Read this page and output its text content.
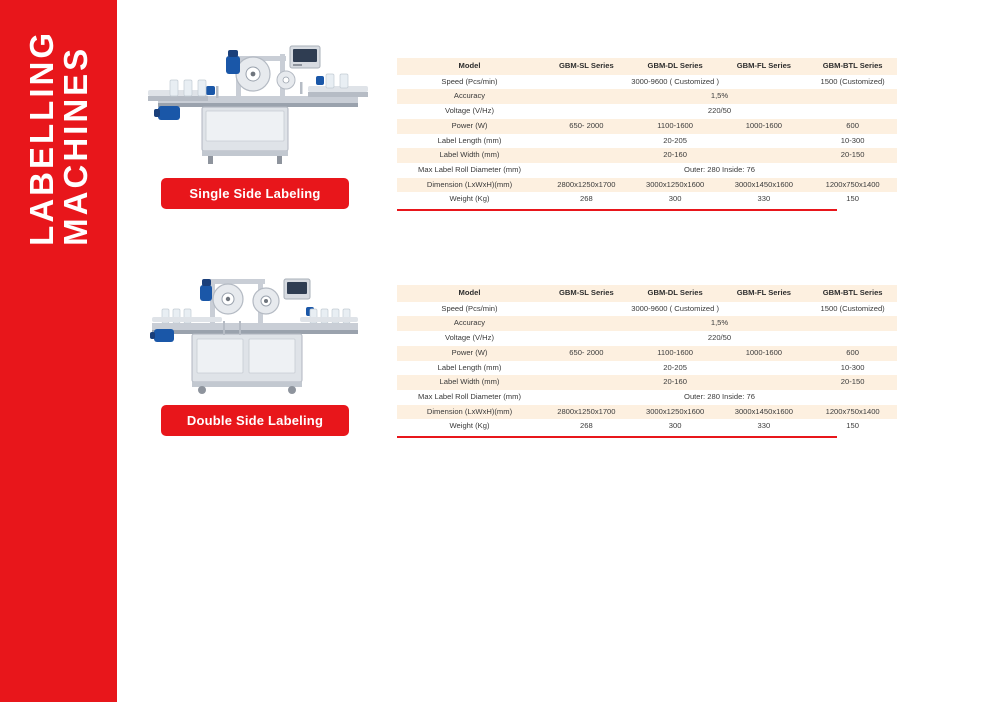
LABELLING
MACHINES	Single Side Labeling
Model	GBM-SL Series	GBM-DL Series	GBM-FL Series	GBM-BTL Series
Speed (Pcs/min)	3000-9600 ( Customized )			1500 (Customized)
Accuracy	1,5%			
Voltage (V/Hz)	220/50			
Power (W)	650- 2000	1100-1600	1000-1600	600
Label Length (mm)	20-205			10-300
Label Width (mm)	20-160			20-150
Max Label Roll Diameter (mm)	Outer: 280 Inside: 76			
Dimension (LxWxH)(mm)	2800x1250x1700	3000x1250x1600	3000x1450x1600	1200x750x1400
Weight (Kg)	268	300	330	150
Double Side Labeling
Model	GBM-SL Series	GBM-DL Series	GBM-FL Series	GBM-BTL Series
Speed (Pcs/min)	3000-9600 ( Customized )			1500 (Customized)
Accuracy	1,5%			
Voltage (V/Hz)	220/50			
Power (W)	650- 2000	1100-1600	1000-1600	600
Label Length (mm)	20-205			10-300
Label Width (mm)	20-160			20-150
Max Label Roll Diameter (mm)	Outer: 280 Inside: 76			
Dimension (LxWxH)(mm)	2800x1250x1700	3000x1250x1600	3000x1450x1600	1200x750x1400
Weight (Kg)	268	300	330	150
